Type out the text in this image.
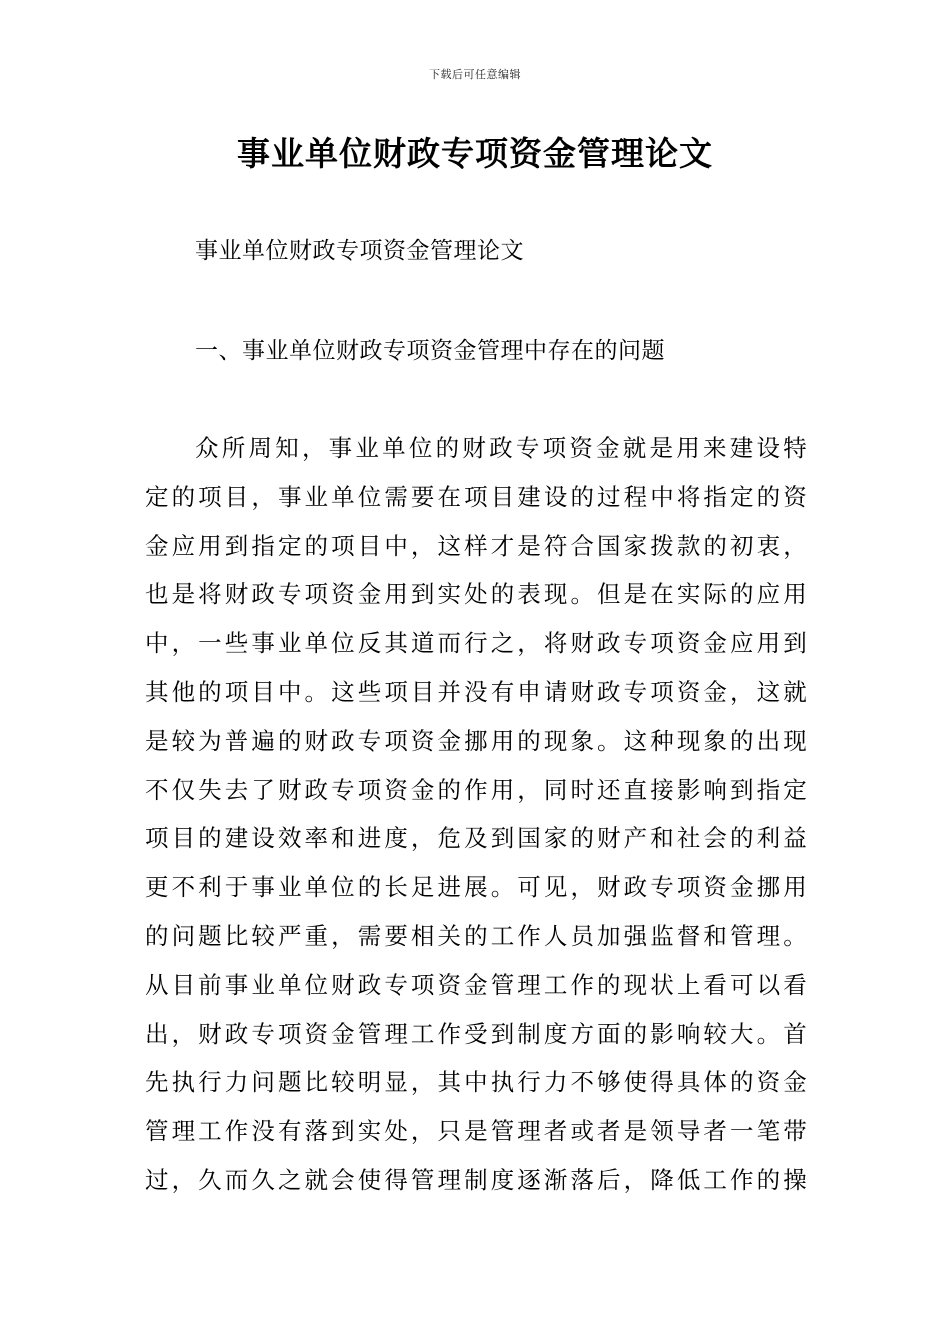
下载后可任意编辑
事业单位财政专项资金管理论文

事业单位财政专项资金管理论文

一、事业单位财政专项资金管理中存在的问题

众所周知，事业单位的财政专项资金就是用来建设特
定的项目，事业单位需要在项目建设的过程中将指定的资
金应用到指定的项目中，这样才是符合国家拨款的初衷，
也是将财政专项资金用到实处的表现。但是在实际的应用
中，一些事业单位反其道而行之，将财政专项资金应用到
其他的项目中。这些项目并没有申请财政专项资金，这就
是较为普遍的财政专项资金挪用的现象。这种现象的出现
不仅失去了财政专项资金的作用，同时还直接影响到指定
项目的建设效率和进度，危及到国家的财产和社会的利益
更不利于事业单位的长足进展。可见，财政专项资金挪用
的问题比较严重，需要相关的工作人员加强监督和管理。
从目前事业单位财政专项资金管理工作的现状上看可以看
出，财政专项资金管理工作受到制度方面的影响较大。首
先执行力问题比较明显，其中执行力不够使得具体的资金
管理工作没有落到实处，只是管理者或者是领导者一笔带
过，久而久之就会使得管理制度逐渐落后，降低工作的操
